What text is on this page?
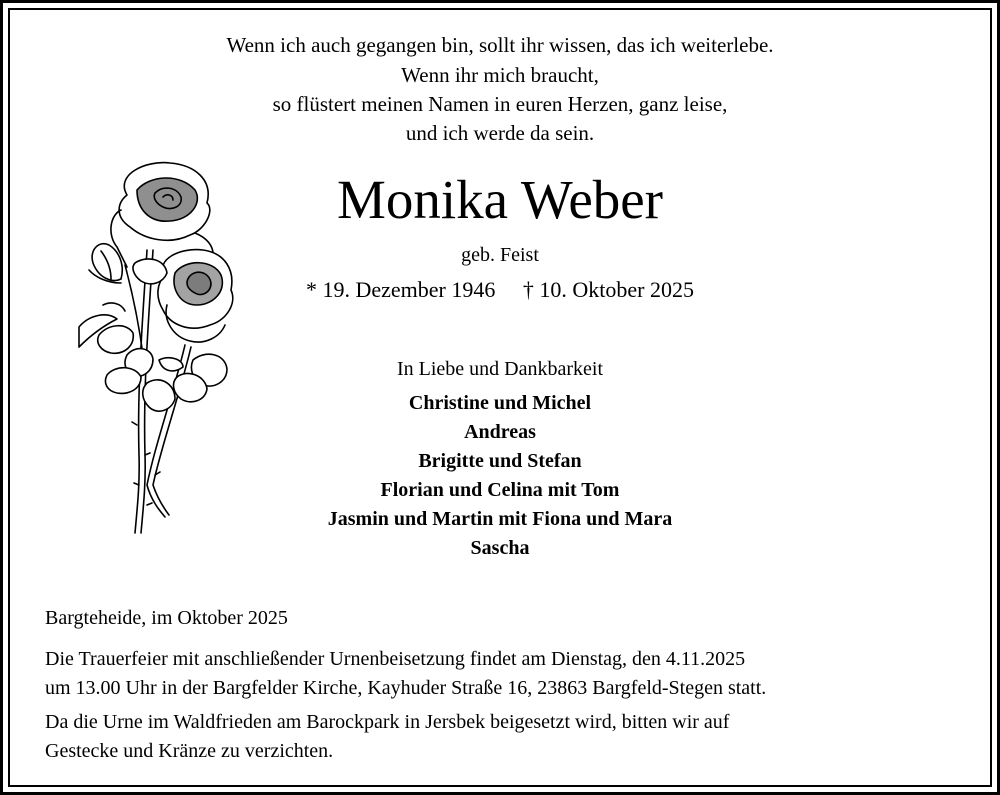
Wenn ich auch gegangen bin, sollt ihr wissen, das ich weiterlebe.
Wenn ihr mich braucht,
so flüstert meinen Namen in euren Herzen, ganz leise,
und ich werde da sein.
Monika Weber
geb. Feist
* 19. Dezember 1946 † 10. Oktober 2025
In Liebe und Dankbarkeit
Christine und Michel
Andreas
Brigitte und Stefan
Florian und Celina mit Tom
Jasmin und Martin mit Fiona und Mara
Sascha
Bargteheide, im Oktober 2025
Die Trauerfeier mit anschließender Urnenbeisetzung findet am Dienstag, den 4.11.2025
um 13.00 Uhr in der Bargfelder Kirche, Kayhuder Straße 16, 23863 Bargfeld-Stegen statt.
Da die Urne im Waldfrieden am Barockpark in Jersbek beigesetzt wird, bitten wir auf
Gestecke und Kränze zu verzichten.
